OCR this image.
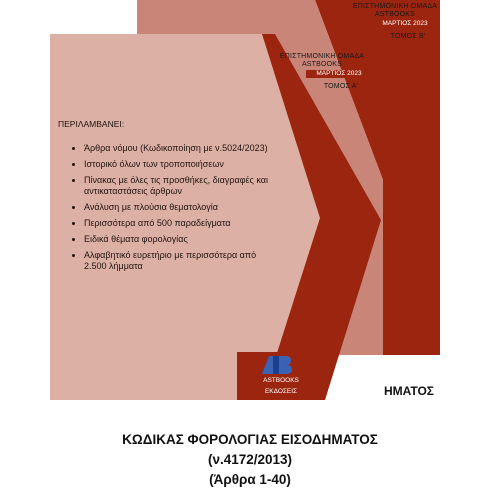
ΕΠΙΣΤΗΜΟΝΙΚΗ ΟΜΑΔΑ
ASTBOOKS
ΜΑΡΤΙΟΣ 2023
ΤΟΜΟΣ Β'
ΕΠΙΣΤΗΜΟΝΙΚΗ ΟΜΑΔΑ
ASTBOOKS
ΜΑΡΤΙΟΣ 2023
ΤΟΜΟΣ Α'
ΠΕΡΙΛΑΜΒΑΝΕΙ:
Άρθρα νόμου (Κωδικοποίηση με ν.5024/2023)
Ιστορικό όλων των τροποποιήσεων
Πίνακας με όλες τις προσθήκες, διαγραφές και αντικαταστάσεις άρθρων
Ανάλυση με πλούσια θεματολογία
Περισσότερα από 500 παραδείγματα
Ειδικά θέματα φορολογίας
Αλφαβητικό ευρετήριο με περισσότερα από 2.500 λήμματα
ASTBOOKS
ΕΚΔΟΣΕΙΣ	ΗΜΑΤΟΣ
ΚΩΔΙΚΑΣ ΦΟΡΟΛΟΓΙΑΣ ΕΙΣΟΔΗΜΑΤΟΣ
(ν.4172/2013)
(Άρθρα 1-40)
